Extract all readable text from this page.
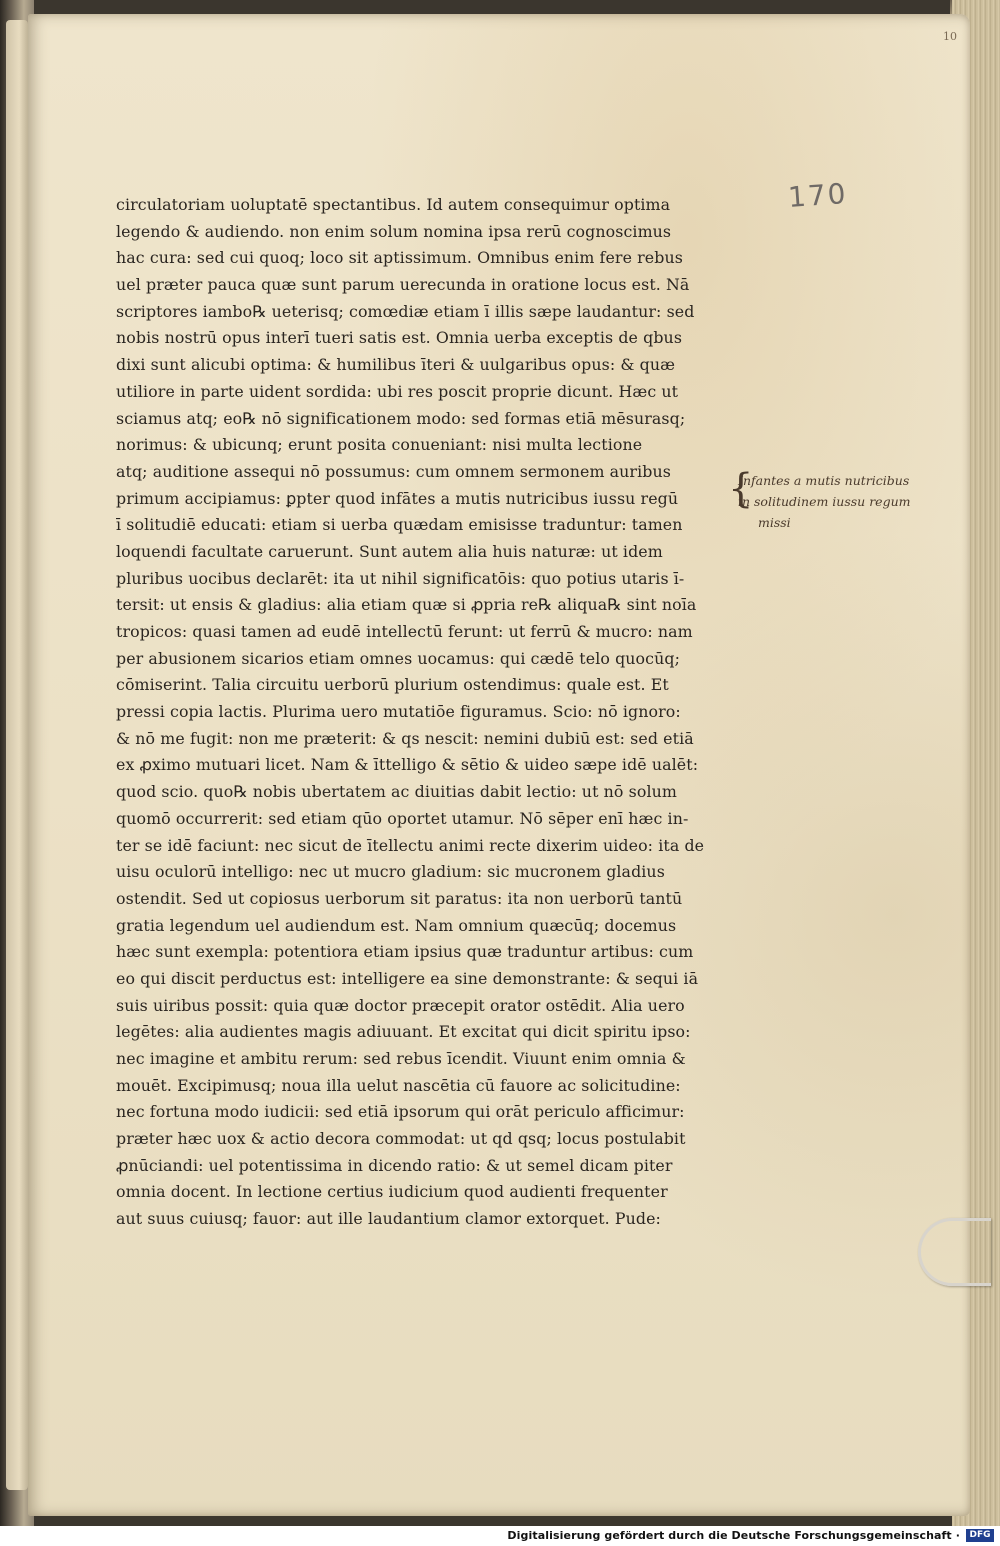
10
170
circulatoriam uoluptatē spectantibus. Id autem consequimur optima
legendo & audiendo. non enim solum nomina ipsa rerū cognoscimus
hac cura: sed cui quoq; loco sit aptissimum. Omnibus enim fere rebus
uel præter pauca quæ sunt parum uerecunda in oratione locus est. Nā
scriptores iambo℞ ueterisq; comœdiæ etiam ī illis sæpe laudantur: sed
nobis nostrū opus interī tueri satis est. Omnia uerba exceptis de qbus
dixi sunt alicubi optima: & humilibus īteri & uulgaribus opus: & quæ
utiliore in parte uident sordida: ubi res poscit proprie dicunt. Hæc ut
sciamus atq; eo℞ nō significationem modo: sed formas etiā mēsurasq;
norimus: & ubicunq; erunt posita conueniant: nisi multa lectione
atq; auditione assequi nō possumus: cum omnem sermonem auribus
primum accipiamus: ꝑpter quod infātes a mutis nutricibus iussu regū
ī solitudiē educati: etiam si uerba quædam emisisse traduntur: tamen
loquendi facultate caruerunt. Sunt autem alia huis naturæ: ut idem
pluribus uocibus declarēt: ita ut nihil significatōis: quo potius utaris ī-
tersit: ut ensis & gladius: alia etiam quæ si ꝓpria re℞ aliqua℞ sint noīa
tropicos: quasi tamen ad eudē intellectū ferunt: ut ferrū & mucro: nam
per abusionem sicarios etiam omnes uocamus: qui cædē telo quocūq;
cōmiserint. Talia circuitu uerborū plurium ostendimus: quale est. Et
pressi copia lactis. Plurima uero mutatiōe figuramus. Scio: nō ignoro:
& nō me fugit: non me præterit: & qs nescit: nemini dubiū est: sed etiā
ex ꝓximo mutuari licet. Nam & īttelligo & sētio & uideo sæpe idē ualēt:
quod scio. quo℞ nobis ubertatem ac diuitias dabit lectio: ut nō solum
quomō occurrerit: sed etiam qūo oportet utamur. Nō sēper enī hæc in-
ter se idē faciunt: nec sicut de ītellectu animi recte dixerim uideo: ita de
uisu oculorū intelligo: nec ut mucro gladium: sic mucronem gladius
ostendit. Sed ut copiosus uerborum sit paratus: ita non uerborū tantū
gratia legendum uel audiendum est. Nam omnium quæcūq; docemus
hæc sunt exempla: potentiora etiam ipsius quæ traduntur artibus: cum
eo qui discit perductus est: intelligere ea sine demonstrante: & sequi iā
suis uiribus possit: quia quæ doctor præcepit orator ostēdit. Alia uero
legētes: alia audientes magis adiuuant. Et excitat qui dicit spiritu ipso:
nec imagine et ambitu rerum: sed rebus īcendit. Viuunt enim omnia &
mouēt. Excipimusq; noua illa uelut nascētia cū fauore ac solicitudine:
nec fortuna modo iudicii: sed etiā ipsorum qui orāt periculo afficimur:
præter hæc uox & actio decora commodat: ut qd qsq; locus postulabit
ꝓnūciandi: uel potentissima in dicendo ratio: & ut semel dicam piter
omnia docent. In lectione certius iudicium quod audienti frequenter
aut suus cuiusq; fauor: aut ille laudantium clamor extorquet. Pude:
{
Infantes a mutis nutricibus
in solitudinem iussu regum
missi
Digitalisierung gefördert durch die Deutsche Forschungsgemeinschaft ·	DFG
